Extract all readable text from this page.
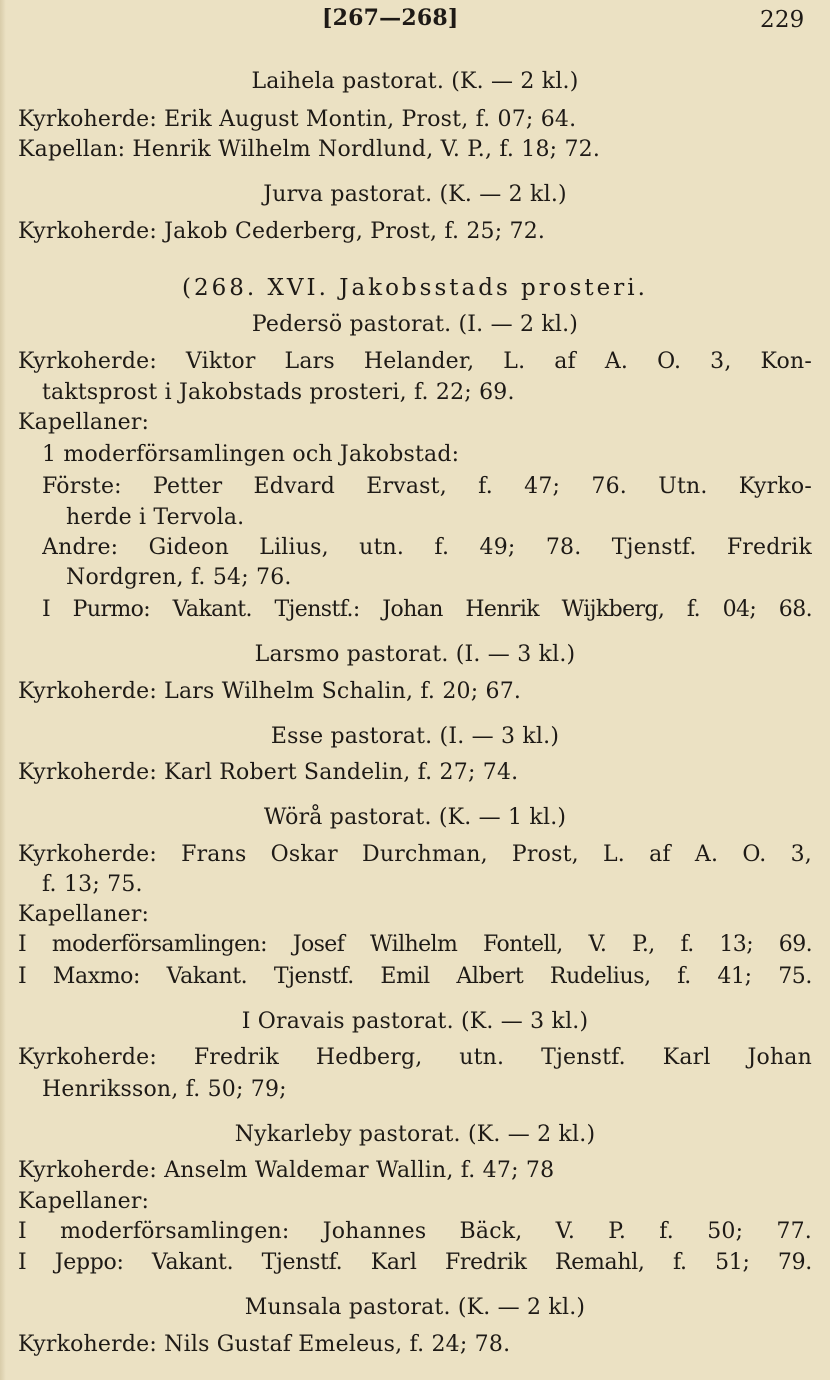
[267—268]	229
Laihela pastorat. (K. — 2 kl.)
Kyrkoherde: Erik August Montin, Prost, f. 07; 64.
Kapellan: Henrik Wilhelm Nordlund, V. P., f. 18; 72.
Jurva pastorat. (K. — 2 kl.)
Kyrkoherde: Jakob Cederberg, Prost, f. 25; 72.
(268. XVI. Jakobsstads prosteri.
Pedersö pastorat. (I. — 2 kl.)
Kyrkoherde: Viktor Lars Helander, L. af A. O. 3, Kon-
taktsprost i Jakobstads prosteri, f. 22; 69.
Kapellaner:
1 moderförsamlingen och Jakobstad:
Förste: Petter Edvard Ervast, f. 47; 76. Utn. Kyrko-
herde i Tervola.
Andre: Gideon Lilius, utn. f. 49; 78. Tjenstf. Fredrik
Nordgren, f. 54; 76.
I Purmo: Vakant. Tjenstf.: Johan Henrik Wijkberg, f. 04; 68.
Larsmo pastorat. (I. — 3 kl.)
Kyrkoherde: Lars Wilhelm Schalin, f. 20; 67.
Esse pastorat. (I. — 3 kl.)
Kyrkoherde: Karl Robert Sandelin, f. 27; 74.
Wörå pastorat. (K. — 1 kl.)
Kyrkoherde: Frans Oskar Durchman, Prost, L. af A. O. 3,
f. 13; 75.
Kapellaner:
I moderförsamlingen: Josef Wilhelm Fontell, V. P., f. 13; 69.
I Maxmo: Vakant. Tjenstf. Emil Albert Rudelius, f. 41; 75.
I Oravais pastorat. (K. — 3 kl.)
Kyrkoherde: Fredrik Hedberg, utn. Tjenstf. Karl Johan
Henriksson, f. 50; 79;
Nykarleby pastorat. (K. — 2 kl.)
Kyrkoherde: Anselm Waldemar Wallin, f. 47; 78
Kapellaner:
I moderförsamlingen: Johannes Bäck, V. P. f. 50; 77.
I Jeppo: Vakant. Tjenstf. Karl Fredrik Remahl, f. 51; 79.
Munsala pastorat. (K. — 2 kl.)
Kyrkoherde: Nils Gustaf Emeleus, f. 24; 78.
